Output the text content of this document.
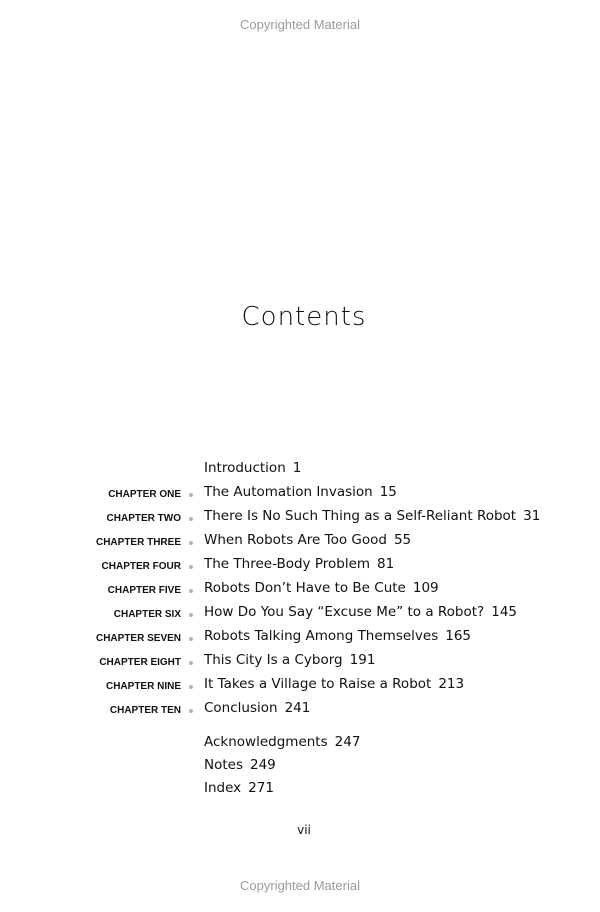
Copyrighted Material
Contents
Introduction 1
CHAPTER ONE The Automation Invasion 15
CHAPTER TWO There Is No Such Thing as a Self-Reliant Robot 31
CHAPTER THREE When Robots Are Too Good 55
CHAPTER FOUR The Three-Body Problem 81
CHAPTER FIVE Robots Don’t Have to Be Cute 109
CHAPTER SIX How Do You Say “Excuse Me” to a Robot? 145
CHAPTER SEVEN Robots Talking Among Themselves 165
CHAPTER EIGHT This City Is a Cyborg 191
CHAPTER NINE It Takes a Village to Raise a Robot 213
CHAPTER TEN Conclusion 241
Acknowledgments 247
Notes 249
Index 271
vii
Copyrighted Material
